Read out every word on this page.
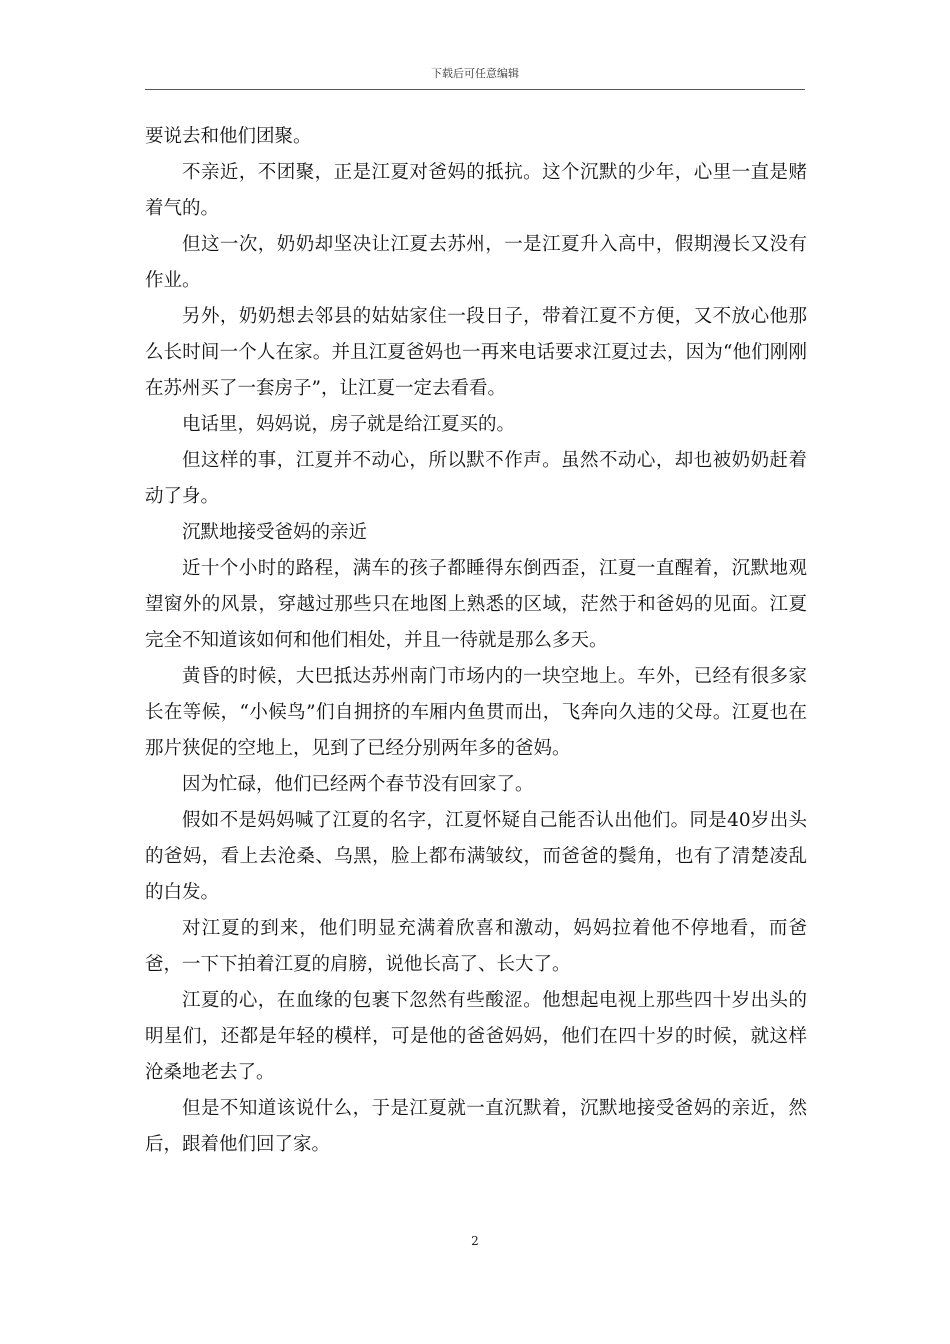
下载后可任意编辑

要说去和他们团聚。

不亲近，不团聚，正是江夏对爸妈的抵抗。这个沉默的少年，心里一直是赌着气的。

但这一次，奶奶却坚决让江夏去苏州，一是江夏升入高中，假期漫长又没有作业。

另外，奶奶想去邻县的姑姑家住一段日子，带着江夏不方便，又不放心他那么长时间一个人在家。并且江夏爸妈也一再来电话要求江夏过去，因为“他们刚刚在苏州买了一套房子”，让江夏一定去看看。

电话里，妈妈说，房子就是给江夏买的。

但这样的事，江夏并不动心，所以默不作声。虽然不动心，却也被奶奶赶着动了身。

沉默地接受爸妈的亲近

近十个小时的路程，满车的孩子都睡得东倒西歪，江夏一直醒着，沉默地观望窗外的风景，穿越过那些只在地图上熟悉的区域，茫然于和爸妈的见面。江夏完全不知道该如何和他们相处，并且一待就是那么多天。

黄昏的时候，大巴抵达苏州南门市场内的一块空地上。车外，已经有很多家长在等候，“小候鸟”们自拥挤的车厢内鱼贯而出，飞奔向久违的父母。江夏也在那片狭促的空地上，见到了已经分别两年多的爸妈。

因为忙碌，他们已经两个春节没有回家了。

假如不是妈妈喊了江夏的名字，江夏怀疑自己能否认出他们。同是40岁出头的爸妈，看上去沧桑、乌黑，脸上都布满皱纹，而爸爸的鬓角，也有了清楚凌乱的白发。

对江夏的到来，他们明显充满着欣喜和激动，妈妈拉着他不停地看，而爸爸，一下下拍着江夏的肩膀，说他长高了、长大了。

江夏的心，在血缘的包裹下忽然有些酸涩。他想起电视上那些四十岁出头的明星们，还都是年轻的模样，可是他的爸爸妈妈，他们在四十岁的时候，就这样沧桑地老去了。

但是不知道该说什么，于是江夏就一直沉默着，沉默地接受爸妈的亲近，然后，跟着他们回了家。

2
